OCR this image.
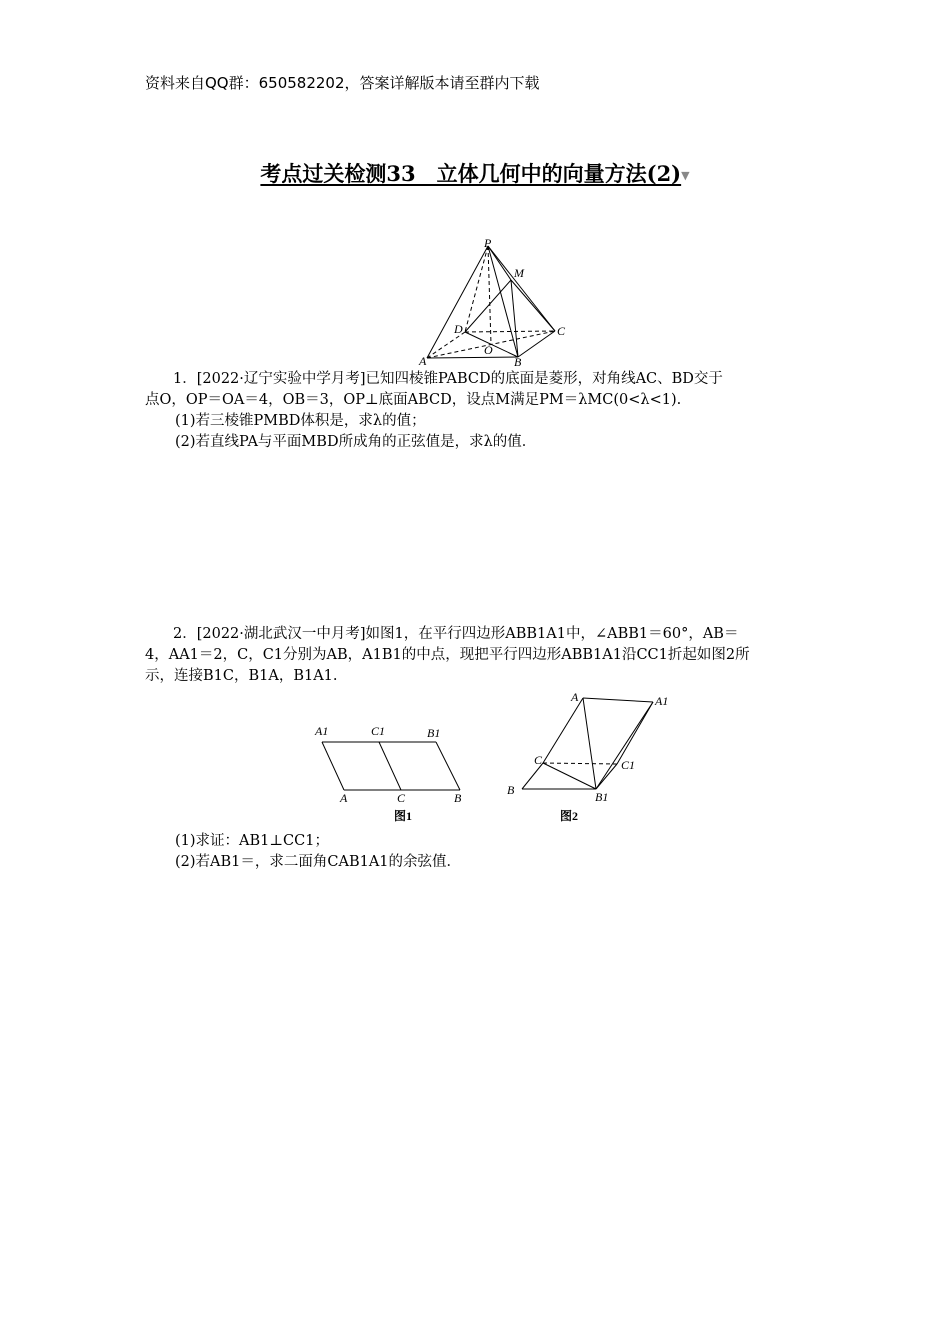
资料来自QQ群：650582202，答案详解版本请至群内下载
考点过关检测33　立体几何中的向量方法(2)▼
P
M
D	C
A
O
B
1．[2022·辽宁实验中学月考]已知四棱锥PABCD的底面是菱形，对角线AC、BD交于
点O，OP＝OA＝4，OB＝3，OP⊥底面ABCD，设点M满足PM＝λMC(0<λ<1).
(1)若三棱锥PMBD体积是，求λ的值；
(2)若直线PA与平面MBD所成角的正弦值是，求λ的值．
2．[2022·湖北武汉一中月考]如图1，在平行四边形ABB1A1中，∠ABB1＝60°，AB＝
4，AA1＝2，C，C1分别为AB，A1B1的中点，现把平行四边形ABB1A1沿CC1折起如图2所
示，连接B1C，B1A，B1A1.
A1	C1	B1
A	C	B
图1
A	A1
C	C1
B	B1
图2
(1)求证：AB1⊥CC1；
(2)若AB1＝，求二面角CAB1A1的余弦值．
